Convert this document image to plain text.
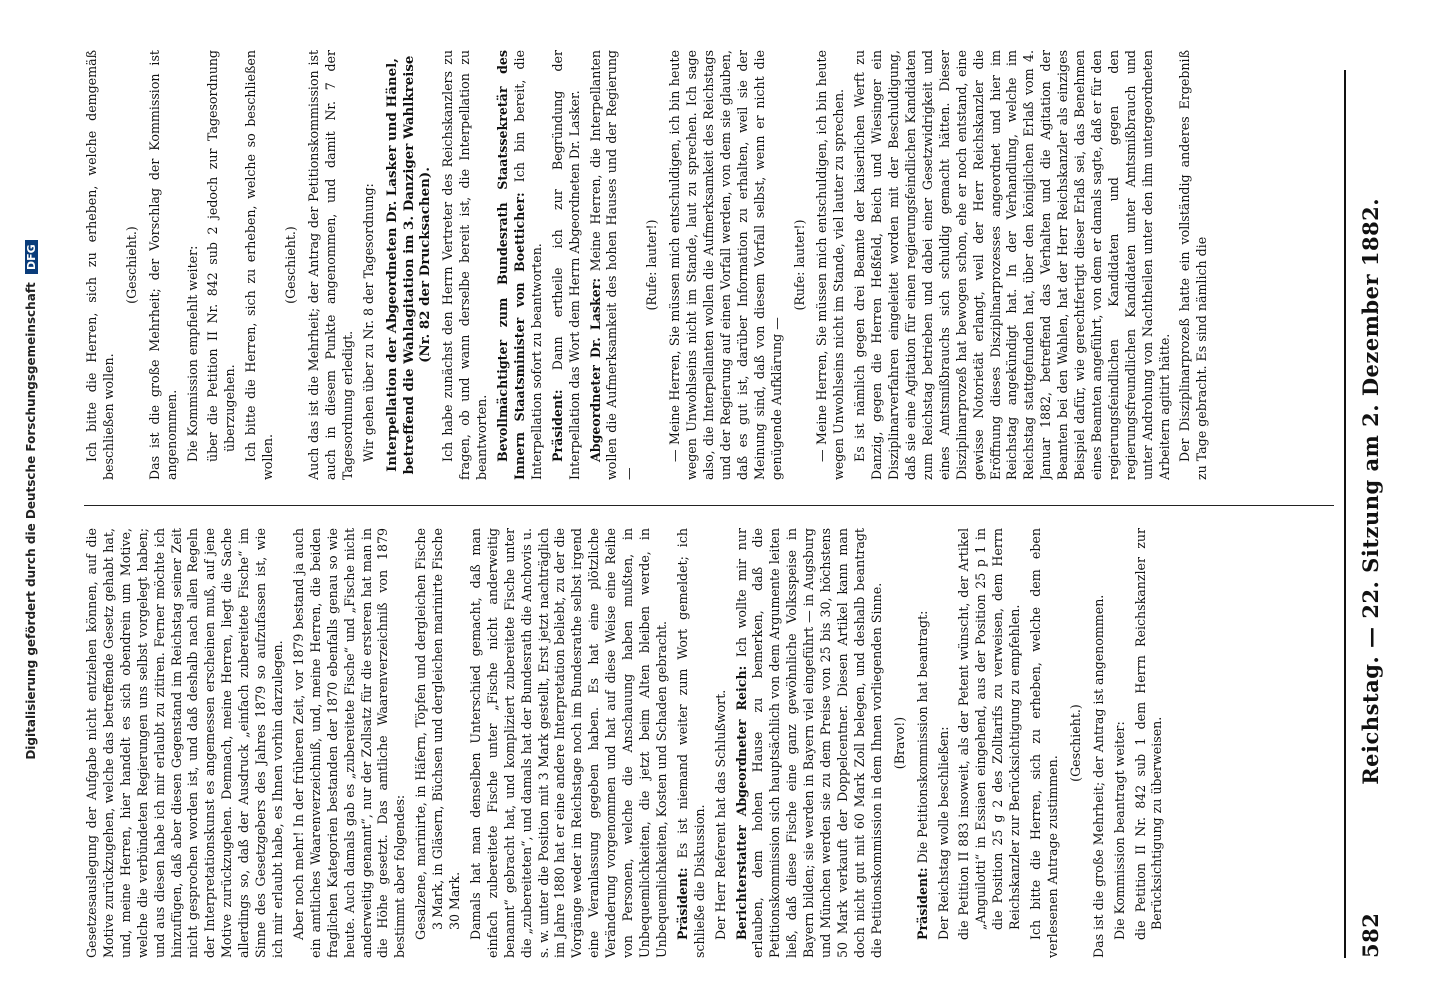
582
Reichstag. — 22. Sitzung am 2. Dezember 1882.

Gesetzesauslegung der Aufgabe nicht entziehen können, auf die Motive zurückzugehen, welche das betreffende Gesetz gehabt hat, und, meine Herren, hier handelt es sich obendrein um Motive, welche die verbündeten Regierungen uns selbst vorgelegt haben; und aus diesen habe ich mir erlaubt zu zitiren. Ferner möchte ich hinzufügen, daß aber diesen Gegenstand im Reichstag seiner Zeit nicht gesprochen worden ist, und daß deshalb nach allen Regeln der Interpretationskunst es angemessen erscheinen muß, auf jene Motive zurückzugehen. Demnach, meine Herren, liegt die Sache allerdings so, daß der Ausdruck „einfach zubereitete Fische“ im Sinne des Gesetzgebers des Jahres 1879 so aufzufassen ist, wie ich mir erlaubt habe, es Ihnen vorhin darzulegen. Aber noch mehr! In der früheren Zeit, vor 1879 bestand ja auch ein amtliches Waarenverzeichniß, und, meine Herren, die beiden fraglichen Kategorien bestanden der 1870 ebenfalls genau so wie heute. Auch damals gab es „zubereitete Fische“ und „Fische nicht anderweitig genannt“, nur der Zollsatz für die ersteren hat man in die Höhe gesetzt. Das amtliche Waarenverzeichniß von 1879 bestimmt aber folgendes: Gesalzene, marinirte, in Häfern, Töpfen und dergleichen Fische 3 Mark, in Gläsern, Büchsen und dergleichen marinirte Fische 30 Mark. Damals hat man denselben Unterschied gemacht, daß man einfach zubereitete Fische unter „Fische nicht anderweitig benannt“ gebracht hat, und kompliziert zubereitete Fische unter die „zubereiteten“, und damals hat der Bundesrath die Anchovis u. s. w. unter die Position mit 3 Mark gestellt, Erst jetzt nachträglich im Jahre 1880 hat er eine andere Interpretation beliebt, zu der die Vorgänge weder im Reichstage noch im Bundesrathe selbst irgend eine Veranlassung gegeben haben. Es hat eine plötzliche Veränderung vorgenommen und hat auf diese Weise eine Reihe von Personen, welche die Anschauung haben mußten, in Unbequemlichkeiten, die jetzt beim Alten bleiben werde, in Unbequemlichkeiten, Kosten und Schaden gebracht. Präsident: Es ist niemand weiter zum Wort gemeldet; ich schließe die Diskussion. Der Herr Referent hat das Schlußwort. Berichterstatter Abgeordneter Reich: Ich wollte mir nur erlauben, dem hohen Hause zu bemerken, daß die Petitionskommission sich hauptsächlich von dem Argumente leiten ließ, daß diese Fische eine ganz gewöhnliche Volksspeise in Bayern bilden; sie werden in Bayern viel eingeführt — in Augsburg und München werden sie zu dem Preise von 25 bis 30, höchstens 50 Mark verkauft der Doppelcentner. Diesen Artikel kann man doch nicht gut mit 60 Mark Zoll belegen, und deshalb beantragt die Petitionskommission in dem Ihnen vorliegenden Sinne. (Bravo!)

Präsident: Die Petitionskommission hat beantragt: Der Reichstag wolle beschließen: die Petition II 883 insoweit, als der Petent wünscht, der Artikel „Anguilotti“ in Essiaen eingehend, aus der Position 25 p 1 in die Position 25 g 2 des Zolltarifs zu verweisen, dem Herrn Reichskanzler zur Berücksichtigung zu empfehlen. Ich bitte die Herren, sich zu erheben, welche dem eben verlesenen Antrage zustimmen.

(Geschieht.) Das ist die große Mehrheit; der Antrag ist angenommen. Die Kommission beantragt weiter: die Petition II Nr. 842 sub 1 dem Herrn Reichskanzler zur Berücksichtigung zu überweisen.

Ich bitte die Herren, sich zu erheben, welche demgemäß beschließen wollen.

(Geschieht.) Das ist die große Mehrheit; der Vorschlag der Kommission ist angenommen. Die Kommission empfiehlt weiter: über die Petition II Nr. 842 sub 2 jedoch zur Tagesordnung überzugehen. Ich bitte die Herren, sich zu erheben, welche so beschließen wollen.

(Geschieht.) Auch das ist die Mehrheit; der Antrag der Petitionskommission ist auch in diesem Punkte angenommen, und damit Nr. 7 der Tagesordnung erledigt. Wir gehen über zu Nr. 8 der Tagesordnung: Interpellation der Abgeordneten Dr. Lasker und Hänel, betreffend die Wahlagitation im 3. Danziger Wahlkreise (Nr. 82 der Drucksachen). Ich habe zunächst den Herrn Vertreter des Reichskanzlers zu fragen, ob und wann derselbe bereit ist, die Interpellation zu beantworten. Bevollmächtigter zum Bundesrath Staatssekretär des Innern Staatsminister von Boetticher: Ich bin bereit, die Interpellation sofort zu beantworten. Präsident: Dann ertheile ich zur Begründung der Interpellation das Wort dem Herrn Abgeordneten Dr. Lasker. Abgeordneter Dr. Lasker: Meine Herren, die Interpellanten wollen die Aufmerksamkeit des hohen Hauses und der Regierung —

(Rufe: lauter!) — Meine Herren, Sie müssen mich entschuldigen, ich bin heute wegen Unwohlseins nicht im Stande, laut zu sprechen. Ich sage also, die Interpellanten wollen die Aufmerksamkeit des Reichstags und der Regierung auf einen Vorfall werden, von dem sie glauben, daß es gut ist, darüber Information zu erhalten, weil sie der Meinung sind, daß von diesem Vorfall selbst, wenn er nicht die genügende Aufklärung —

(Rufe: lauter!) — Meine Herren, Sie müssen mich entschuldigen, ich bin heute wegen Unwohlseins nicht im Stande, viel lauter zu sprechen. Es ist nämlich gegen drei Beamte der kaiserlichen Werft zu Danzig, gegen die Herren Heßfeld, Beich und Wiesinger ein Disziplinarverfahren eingeleitet worden mit der Beschuldigung, daß sie eine Agitation für einen regierungsfeindlichen Kandidaten zum Reichstag betrieben und dabei einer Gesetzwidrigkeit und eines Amtsmißbrauchs sich schuldig gemacht hätten. Dieser Disziplinarprozeß hat bewogen schon, ehe er noch entstand, eine gewisse Notorietät erlangt, weil der Herr Reichskanzler die Eröffnung dieses Disziplinarprozesses angeordnet und hier im Reichstag angekündigt hat. In der Verhandlung, welche im Reichstag stattgefunden hat, über den königlichen Erlaß vom 4. Januar 1882, betreffend das Verhalten und die Agitation der Beamten bei den Wahlen, hat der Herr Reichskanzler als einziges Beispiel dafür, wie gerechtfertigt dieser Erlaß sei, das Benehmen eines Beamten angeführt, von dem er damals sagte, daß er für den regierungsfeindlichen Kandidaten und gegen den regierungsfreundlichen Kandidaten unter Amtsmißbrauch und unter Androhung von Nachtheilen unter den ihm untergeordneten Arbeitern agitirt hätte. Der Disziplinarprozeß hatte ein vollständig anderes Ergebniß zu Tage gebracht. Es sind nämlich die

Digitalisierung gefördert durch die Deutsche Forschungsgemeinschaft DFG
